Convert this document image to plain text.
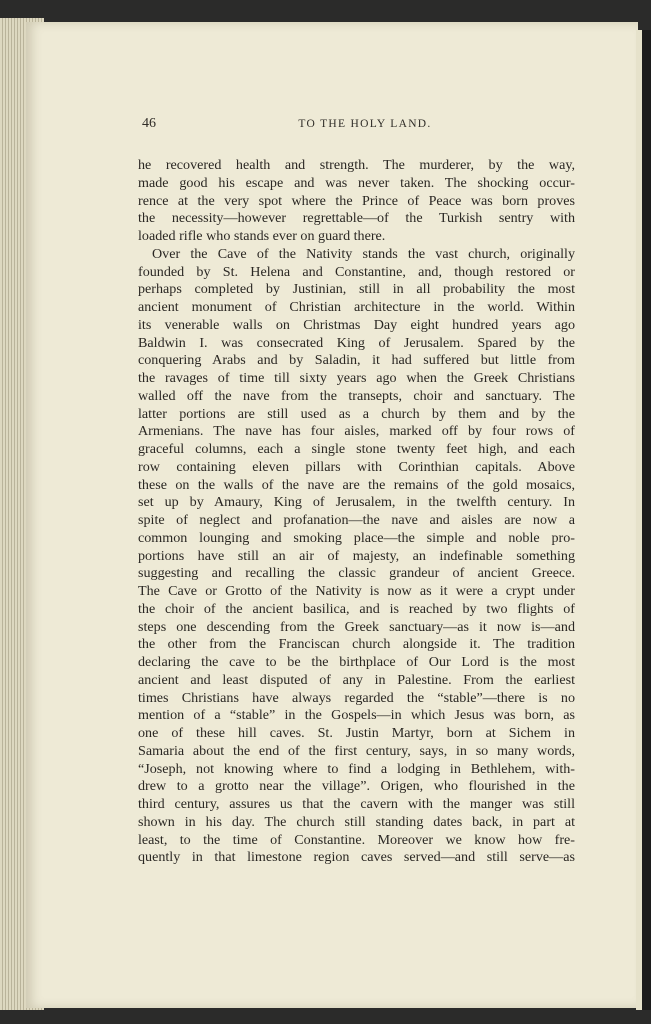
46	TO THE HOLY LAND.
he recovered health and strength. The murderer, by the way,
made good his escape and was never taken. The shocking occur-
rence at the very spot where the Prince of Peace was born proves
the necessity—however regrettable—of the Turkish sentry with
loaded rifle who stands ever on guard there.
Over the Cave of the Nativity stands the vast church, originally
founded by St. Helena and Constantine, and, though restored or
perhaps completed by Justinian, still in all probability the most
ancient monument of Christian architecture in the world. Within
its venerable walls on Christmas Day eight hundred years ago
Baldwin I. was consecrated King of Jerusalem. Spared by the
conquering Arabs and by Saladin, it had suffered but little from
the ravages of time till sixty years ago when the Greek Christians
walled off the nave from the transepts, choir and sanctuary. The
latter portions are still used as a church by them and by the
Armenians. The nave has four aisles, marked off by four rows of
graceful columns, each a single stone twenty feet high, and each
row containing eleven pillars with Corinthian capitals. Above
these on the walls of the nave are the remains of the gold mosaics,
set up by Amaury, King of Jerusalem, in the twelfth century. In
spite of neglect and profanation—the nave and aisles are now a
common lounging and smoking place—the simple and noble pro-
portions have still an air of majesty, an indefinable something
suggesting and recalling the classic grandeur of ancient Greece.
The Cave or Grotto of the Nativity is now as it were a crypt under
the choir of the ancient basilica, and is reached by two flights of
steps one descending from the Greek sanctuary—as it now is—and
the other from the Franciscan church alongside it. The tradition
declaring the cave to be the birthplace of Our Lord is the most
ancient and least disputed of any in Palestine. From the earliest
times Christians have always regarded the “stable”—there is no
mention of a “stable” in the Gospels—in which Jesus was born, as
one of these hill caves. St. Justin Martyr, born at Sichem in
Samaria about the end of the first century, says, in so many words,
“Joseph, not knowing where to find a lodging in Bethlehem, with-
drew to a grotto near the village”. Origen, who flourished in the
third century, assures us that the cavern with the manger was still
shown in his day. The church still standing dates back, in part at
least, to the time of Constantine. Moreover we know how fre-
quently in that limestone region caves served—and still serve—as
